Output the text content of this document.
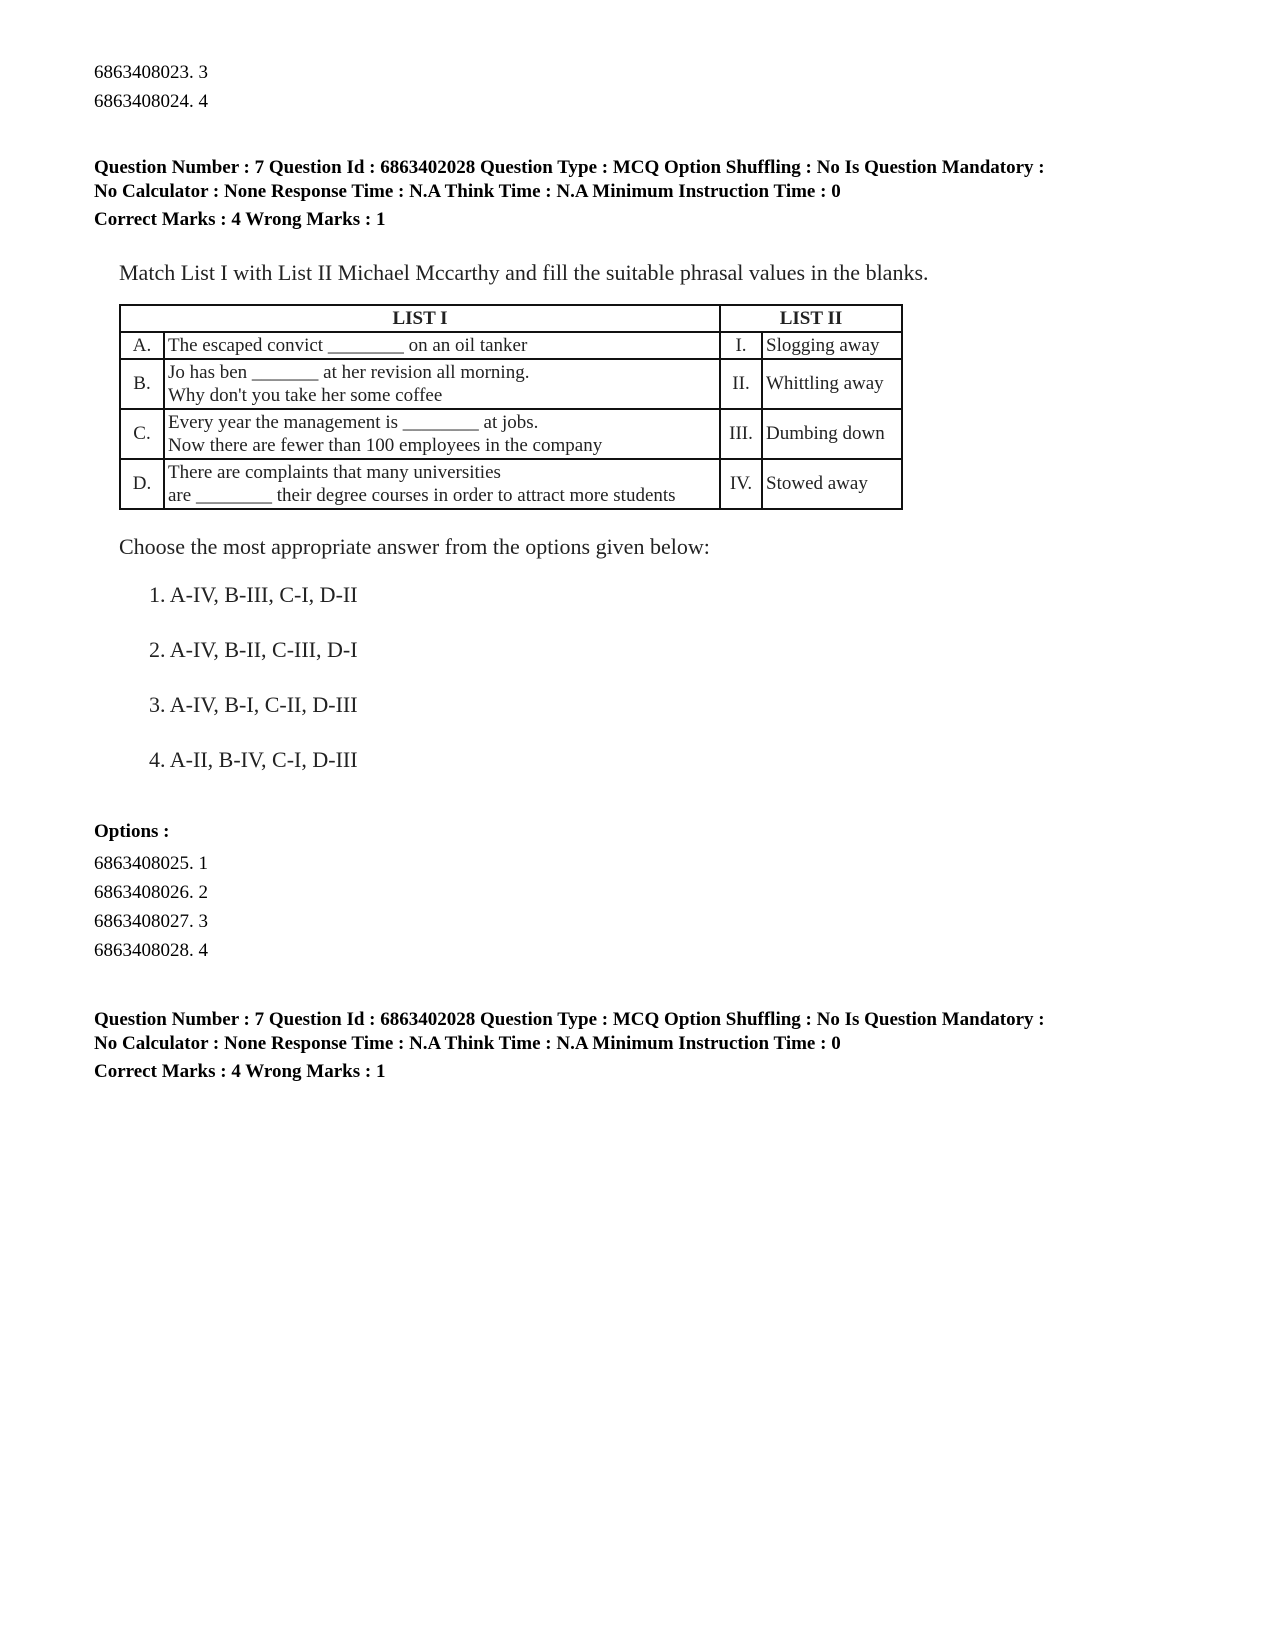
6863408023. 3
6863408024. 4

Question Number : 7 Question Id : 6863402028 Question Type : MCQ Option Shuffling : No Is Question Mandatory :

No Calculator : None Response Time : N.A Think Time : N.A Minimum Instruction Time : 0

Correct Marks : 4 Wrong Marks : 1

Match List I with List II Michael Mccarthy and fill the suitable phrasal values in the blanks.
LIST I		LIST II	
A.	The escaped convict ________ on an oil tanker	I.	Slogging away
B.	Jo has ben _______ at her revision all morning.
Why don't you take her some coffee	II.	Whittling away
C.	Every year the management is ________ at jobs.
Now there are fewer than 100 employees in the company	III.	Dumbing down
D.	There are complaints that many universities
are ________ their degree courses in order to attract more students	IV.	Stowed away
Choose the most appropriate answer from the options given below:
1. A-IV, B-III, C-I, D-II
2. A-IV, B-II, C-III, D-I
3. A-IV, B-I, C-II, D-III
4. A-II, B-IV, C-I, D-III
Options :
6863408025. 1
6863408026. 2
6863408027. 3
6863408028. 4

Question Number : 7 Question Id : 6863402028 Question Type : MCQ Option Shuffling : No Is Question Mandatory :

No Calculator : None Response Time : N.A Think Time : N.A Minimum Instruction Time : 0

Correct Marks : 4 Wrong Marks : 1
